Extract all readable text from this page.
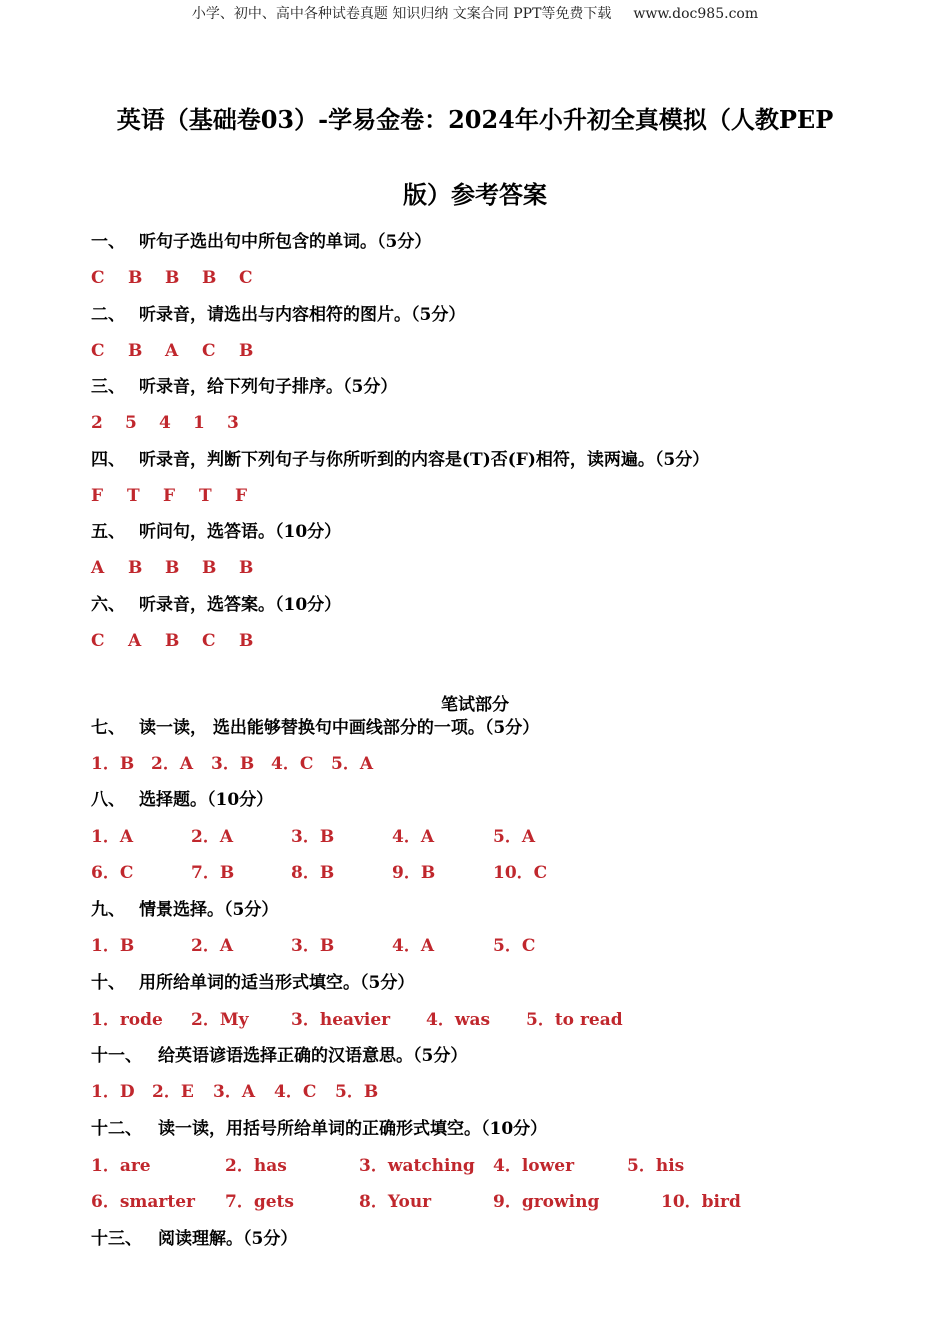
小学、初中、高中各种试卷真题 知识归纳 文案合同 PPT等免费下载 www.doc985.com
英语（基础卷03）-学易金卷：2024年小升初全真模拟（人教PEP
版）参考答案
一、 听句子选出句中所包含的单词。（5分）
C B B B C
二、 听录音，请选出与内容相符的图片。（5分）
C B A C B
三、 听录音，给下列句子排序。（5分）
2 5 4 1 3
四、 听录音，判断下列句子与你所听到的内容是(T)否(F)相符，读两遍。（5分）
F T F T F
五、 听问句，选答语。（10分）
A B B B B
六、 听录音，选答案。（10分）
C A B C B
笔试部分
七、 读一读， 选出能够替换句中画线部分的一项。（5分）
1．B 2．A 3．B 4．C 5．A
八、 选择题。（10分）
1．A	2．A	3．B	4．A	5．A
6．C	7．B	8．B	9．B	10．C
九、 情景选择。（5分）
1．B	2．A	3．B	4．A	5．C
十、 用所给单词的适当形式填空。（5分）
1．rode 2．My 3．heavier 4．was 5．to read
十一、 给英语谚语选择正确的汉语意思。（5分）
1．D 2．E 3．A 4．C 5．B
十二、 读一读，用括号所给单词的正确形式填空。（10分）
1．are	2．has	3．watching 4．lower	5．his
6．smarter 7．gets	8．Your	9．growing	10．bird
十三、 阅读理解。（5分）
